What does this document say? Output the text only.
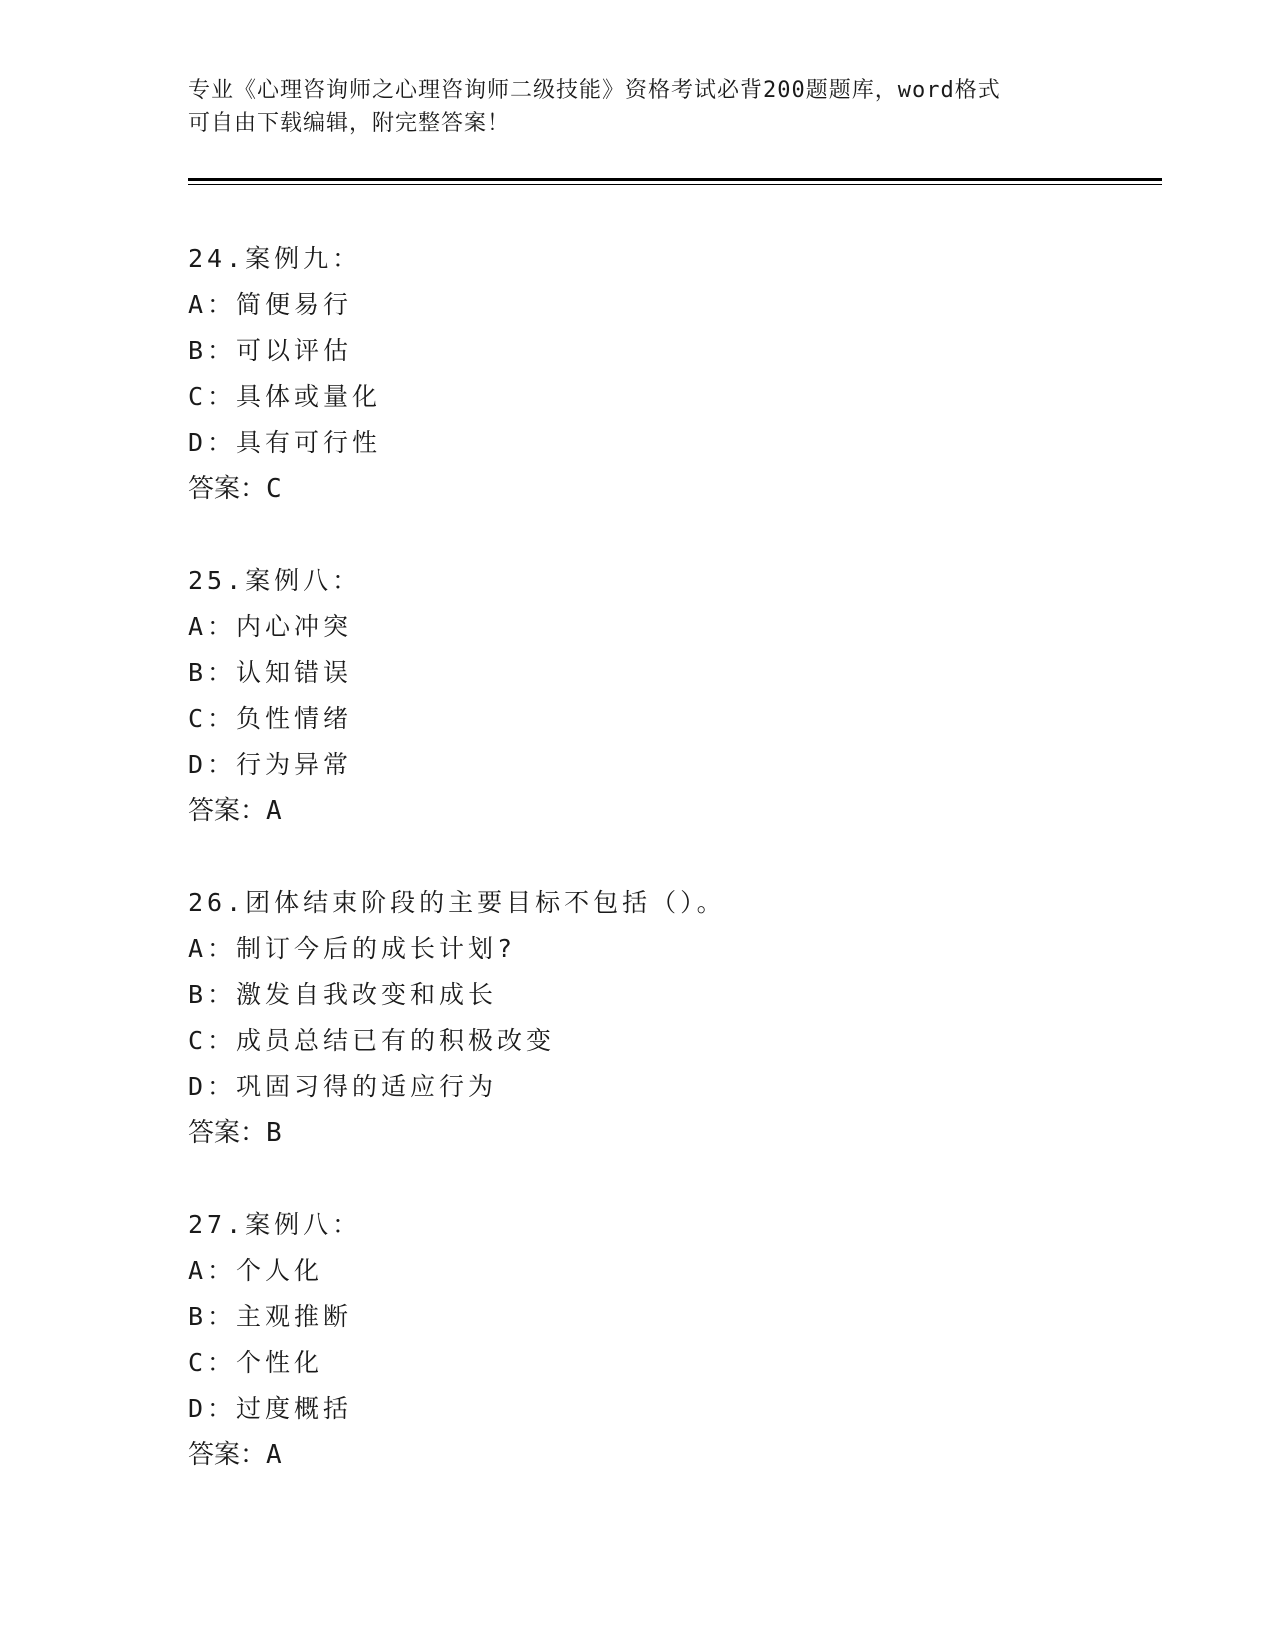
专业《心理咨询师之心理咨询师二级技能》资格考试必背200题题库，word格式
可自由下载编辑，附完整答案！
24.案例九：
A：简便易行
B：可以评估
C：具体或量化
D：具有可行性
答案：C
25.案例八：
A：内心冲突
B：认知错误
C：负性情绪
D：行为异常
答案：A
26.团体结束阶段的主要目标不包括（）。
A：制订今后的成长计划?
B：激发自我改变和成长
C：成员总结已有的积极改变
D：巩固习得的适应行为
答案：B
27.案例八：
A：个人化
B：主观推断
C：个性化
D：过度概括
答案：A
